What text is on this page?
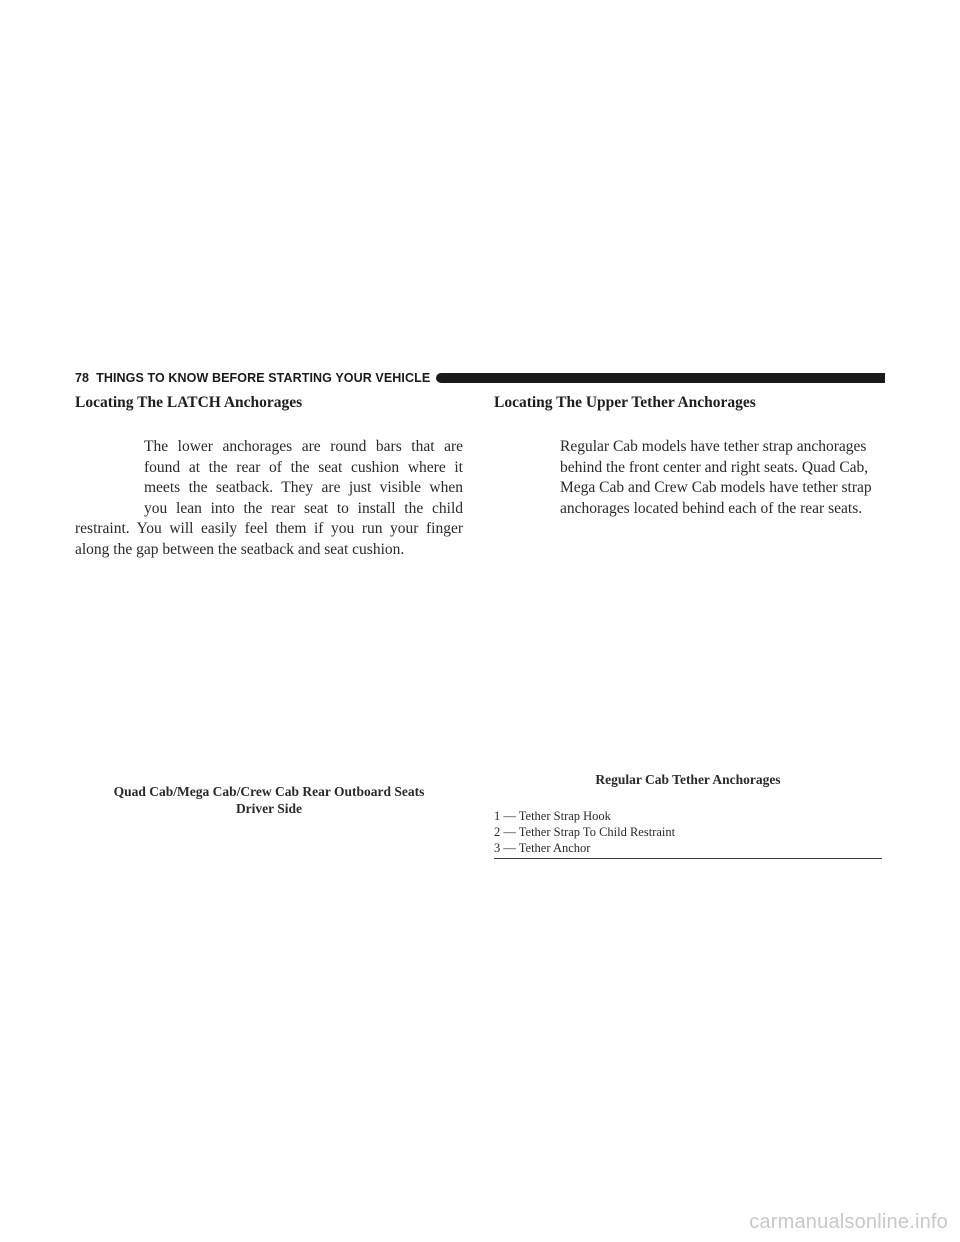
78 THINGS TO KNOW BEFORE STARTING YOUR VEHICLE
Locating The LATCH Anchorages
The lower anchorages are round bars that are
found at the rear of the seat cushion where it
meets the seatback. They are just visible when
you lean into the rear seat to install the child
restraint. You will easily feel them if you run your finger
along the gap between the seatback and seat cushion.
Quad Cab/Mega Cab/Crew Cab Rear Outboard Seats
Driver Side
Locating The Upper Tether Anchorages
Regular Cab models have tether strap anchorages
behind the front center and right seats. Quad Cab,
Mega Cab and Crew Cab models have tether strap
anchorages located behind each of the rear seats.
Regular Cab Tether Anchorages
1 — Tether Strap Hook
2 — Tether Strap To Child Restraint
3 — Tether Anchor
carmanualsonline.info
